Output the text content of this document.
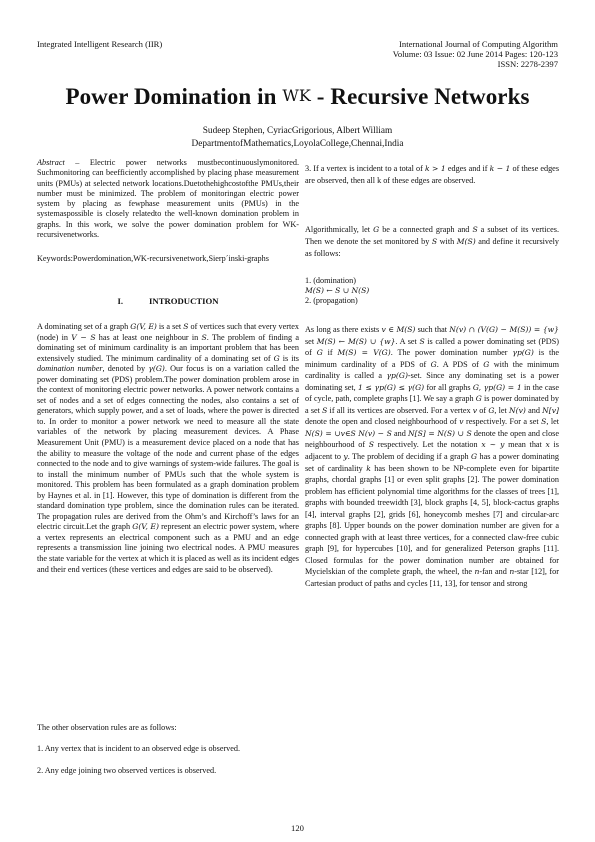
Integrated Intelligent Research (IIR)	International Journal of Computing Algorithm
Volume: 03 Issue: 02 June 2014 Pages: 120-123
ISSN: 2278-2397
Power Domination in WK - Recursive Networks
Sudeep Stephen, CyriacGrigorious, Albert William
DepartmentofMathematics,LoyolaCollege,Chennai,India
Abstract – Electric power networks mustbecontinuouslymonitored. Suchmonitoring can beefficiently accomplished by placing phase measurement units (PMUs) at selected network locations.Duetothehighcostofthe PMUs,their number must be minimized. The problem of monitoringan electric power system by placing as fewphase measurement units (PMUs) in the systemaspossible is closely relatedto the well-known domination problem in graphs. In this work, we solve the power domination problem for WK-recursivenetworks.
Keywords:Powerdomination,WK-recursivenetwork,Sierp´inski-graphs
I.            INTRODUCTION
A dominating set of a graph G(V, E) is a set S of vertices such that every vertex (node) in V − S has at least one neighbour in S. The problem of finding a dominating set of minimum cardinality is an important problem that has been extensively studied. The minimum cardinality of a dominating set of G is its domination number, denoted by γ(G). Our focus is on a variation called the power dominating set (PDS) problem.The power domination problem arose in the context of monitoring electric power networks. A power network contains a set of nodes and a set of edges connecting the nodes, also contains a set of generators, which supply power, and a set of loads, where the power is directed to. In order to monitor a power network we need to measure all the state variables of the network by placing measurement devices. A Phase Measurement Unit (PMU) is a measurement device placed on a node that has the ability to measure the voltage of the node and current phase of the edges connected to the node and to give warnings of system-wide failures. The goal is to install the minimum number of PMUs such that the whole system is monitored. This problem has been formulated as a graph domination problem by Haynes et al. in [1]. However, this type of domination is different from the standard domination type problem, since the domination rules can be iterated. The propagation rules are derived from the Ohm’s and Kirchoff’s laws for an electric circuit.Let the graph G(V, E) represent an electric power system, where a vertex represents an electrical component such as a PMU and an edge represents a transmission line joining two electrical nodes. A PMU measures the state variable for the vertex at which it is placed as well as its incident edges and their end vertices (these vertices and edges are said to be observed).
The other observation rules are as follows:
1. Any vertex that is incident to an observed edge is observed.
2. Any edge joining two observed vertices is observed.
3. If a vertex is incident to a total of k > 1 edges and if k − 1 of these edges are observed, then all k of these edges are observed.
Algorithmically, let G be a connected graph and S a subset of its vertices. Then we denote the set monitored by S with M(S) and define it recursively as follows:
1. (domination)
M(S) ← S ∪ N(S)
2. (propagation)
As long as there exists v ∈ M(S) such that N(v) ∩ (V(G) − M(S)) = {w} set M(S) ← M(S) ∪ {w}. A set S is called a power dominating set (PDS) of G if M(S) = V(G). The power domination number γp(G) is the minimum cardinality of a PDS of G. A PDS of G with the minimum cardinality is called a γp(G)-set. Since any dominating set is a power dominating set, 1 ≤ γp(G) ≤ γ(G) for all graphs G, γp(G) = 1 in the case of cycle, path, complete graphs [1]. We say a graph G is power dominated by a set S if all its vertices are observed. For a vertex v of G, let N(v) and N[v] denote the open and closed neighbourhood of v respectively. For a set S, let N(S) = ∪v∈S N(v) − S and N[S] = N(S) ∪ S denote the open and close neighbourhood of S respectively. Let the notation x ~ y mean that x is adjacent to y. The problem of deciding if a graph G has a power dominating set of cardinality k has been shown to be NP-complete even for bipartite graphs, chordal graphs [1] or even split graphs [2]. The power domination problem has efficient polynomial time algorithms for the classes of trees [1], graphs with bounded treewidth [3], block graphs [4, 5], block-cactus graphs [4], interval graphs [2], grids [6], honeycomb meshes [7] and circular-arc graphs [8]. Upper bounds on the power domination number are given for a connected graph with at least three vertices, for a connected claw-free cubic graph [9], for hypercubes [10], and for generalized Peterson graphs [11]. Closed formulas for the power domination number are obtained for Mycielskian of the complete graph, the wheel, the n-fan and n-star [12], for Cartesian product of paths and cycles [11, 13], for tensor and strong
120
